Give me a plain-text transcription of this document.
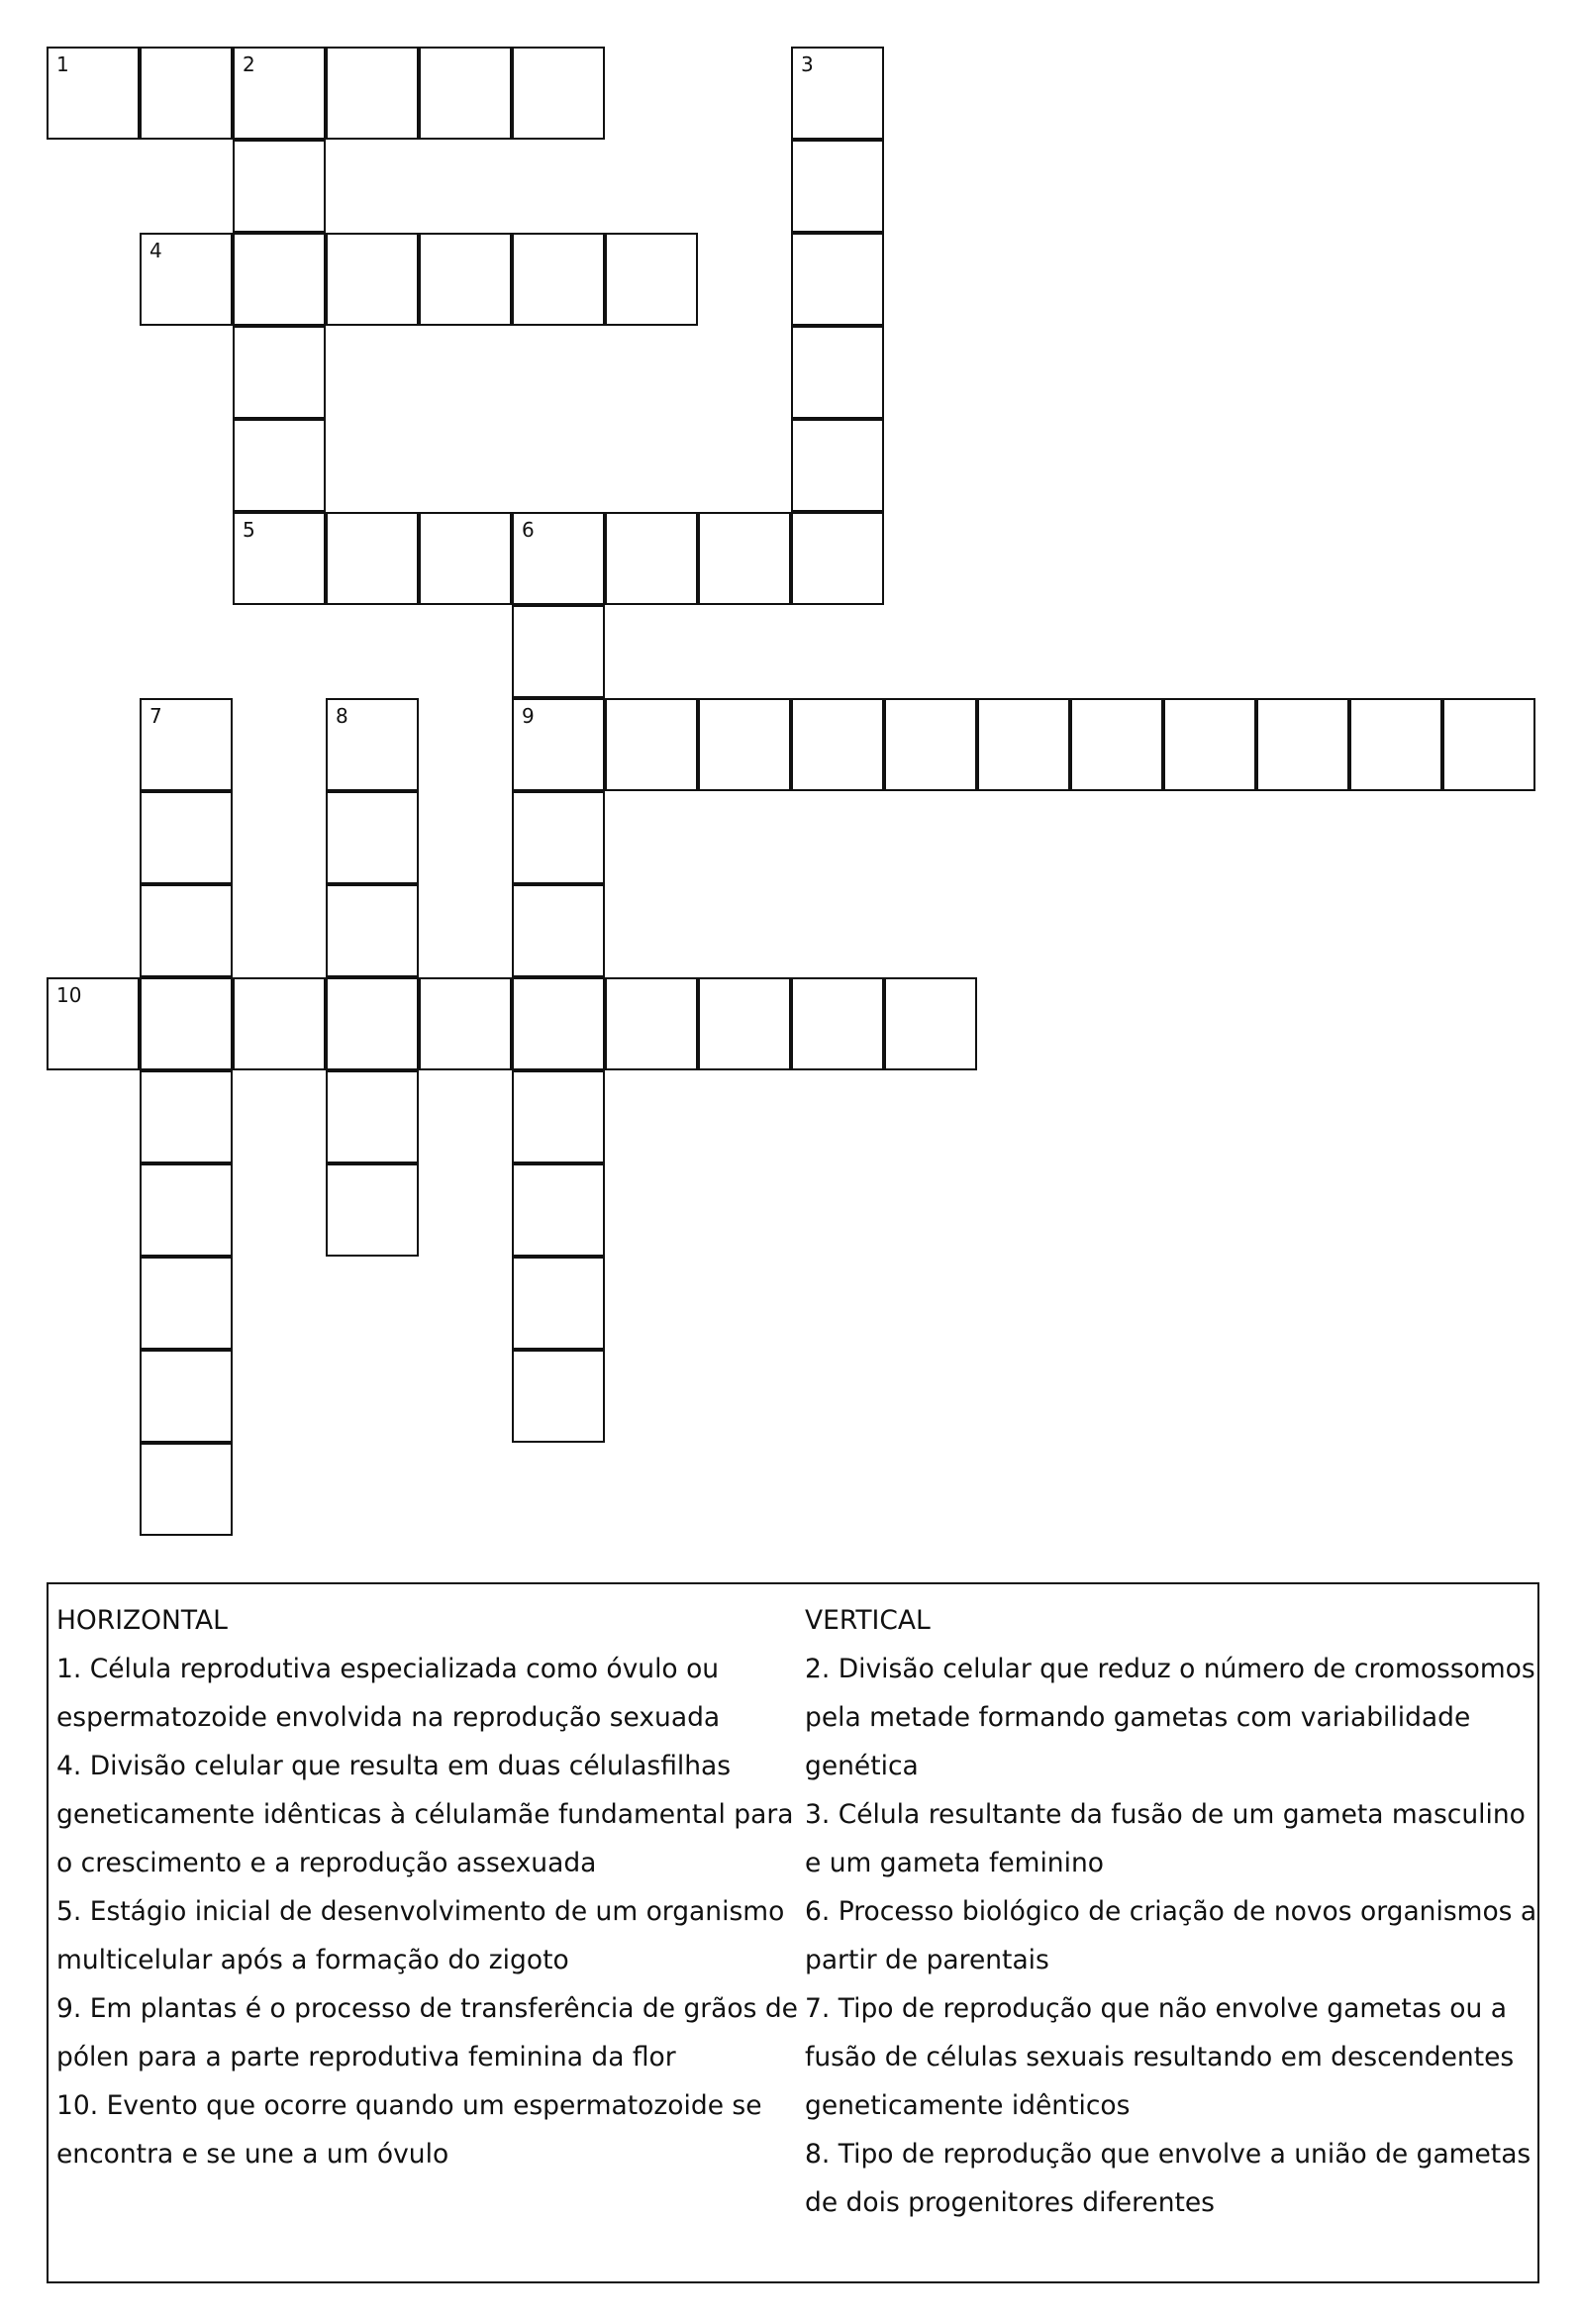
1	2	3
4
5	6
9
7	8
10
HORIZONTAL

1. Célula reprodutiva especializada como óvulo ou espermatozoide envolvida na reprodução sexuada

4. Divisão celular que resulta em duas célulasfilhas geneticamente idênticas à célulamãe fundamental para o crescimento e a reprodução assexuada

5. Estágio inicial de desenvolvimento de um organismo multicelular após a formação do zigoto

9. Em plantas é o processo de transferência de grãos de pólen para a parte reprodutiva feminina da flor

10. Evento que ocorre quando um espermatozoide se encontra e se une a um óvulo

VERTICAL

2. Divisão celular que reduz o número de cromossomos pela metade formando gametas com variabilidade genética

3. Célula resultante da fusão de um gameta masculino e um gameta feminino

6. Processo biológico de criação de novos organismos a partir de parentais

7. Tipo de reprodução que não envolve gametas ou a fusão de células sexuais resultando em descendentes geneticamente idênticos

8. Tipo de reprodução que envolve a união de gametas de dois progenitores diferentes
